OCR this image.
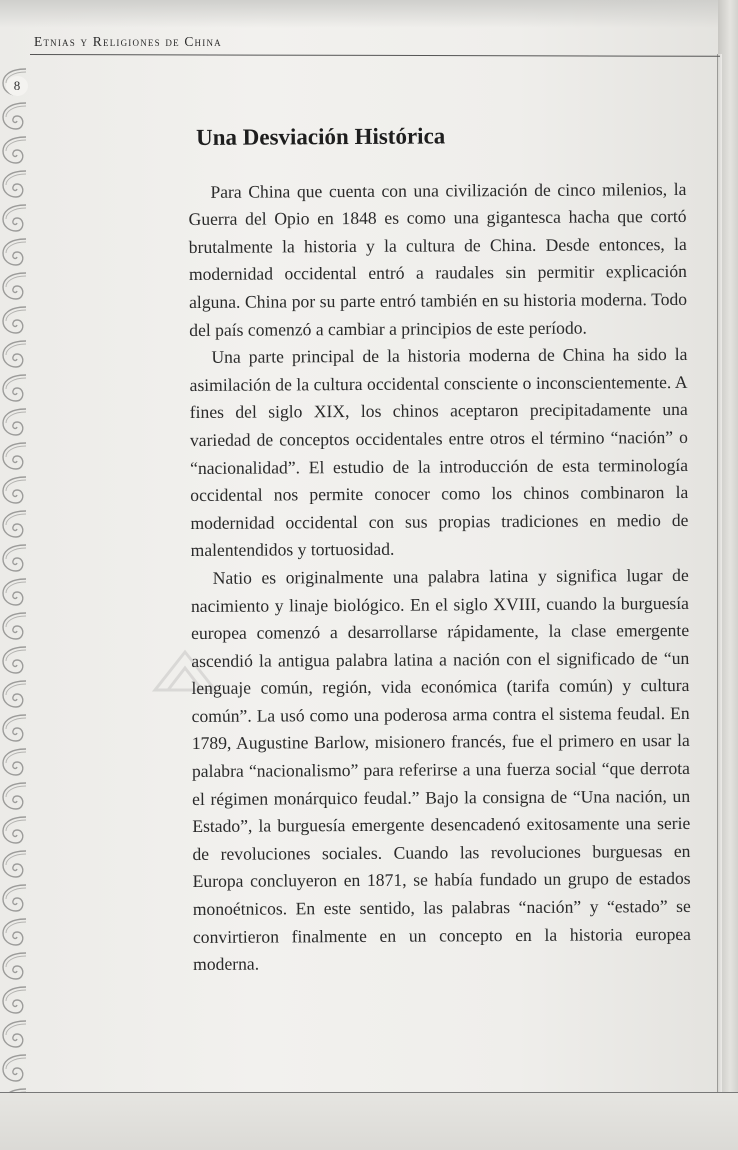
Etnias y Religiones de China
8
Una Desviación Histórica

Para China que cuenta con una civilización de cinco milenios, la Guerra del Opio en 1848 es como una gigantesca hacha que cortó brutalmente la historia y la cultura de China. Desde entonces, la modernidad occidental entró a raudales sin permitir explicación alguna. China por su parte entró también en su historia moderna. Todo del país comenzó a cambiar a principios de este período.

Una parte principal de la historia moderna de China ha sido la asimilación de la cultura occidental consciente o inconscientemente. A fines del siglo XIX, los chinos aceptaron precipitadamente una variedad de conceptos occidentales entre otros el término “nación” o “nacionalidad”. El estudio de la introducción de esta terminología occidental nos permite conocer como los chinos combinaron la modernidad occidental con sus propias tradiciones en medio de malentendidos y tortuosidad.

Natio es originalmente una palabra latina y significa lugar de nacimiento y linaje biológico. En el siglo XVIII, cuando la burguesía europea comenzó a desarrollarse rápidamente, la clase emergente ascendió la antigua palabra latina a nación con el significado de “un lenguaje común, región, vida económica (tarifa común) y cultura común”. La usó como una poderosa arma contra el sistema feudal. En 1789, Augustine Barlow, misionero francés, fue el primero en usar la palabra “nacionalismo” para referirse a una fuerza social “que derrota el régimen monárquico feudal.” Bajo la consigna de “Una nación, un Estado”, la burguesía emergente desencadenó exitosamente una serie de revoluciones sociales. Cuando las revoluciones burguesas en Europa concluyeron en 1871, se había fundado un grupo de estados monoétnicos. En este sentido, las palabras “nación” y “estado” se convirtieron finalmente en un concepto en la historia europea moderna.
